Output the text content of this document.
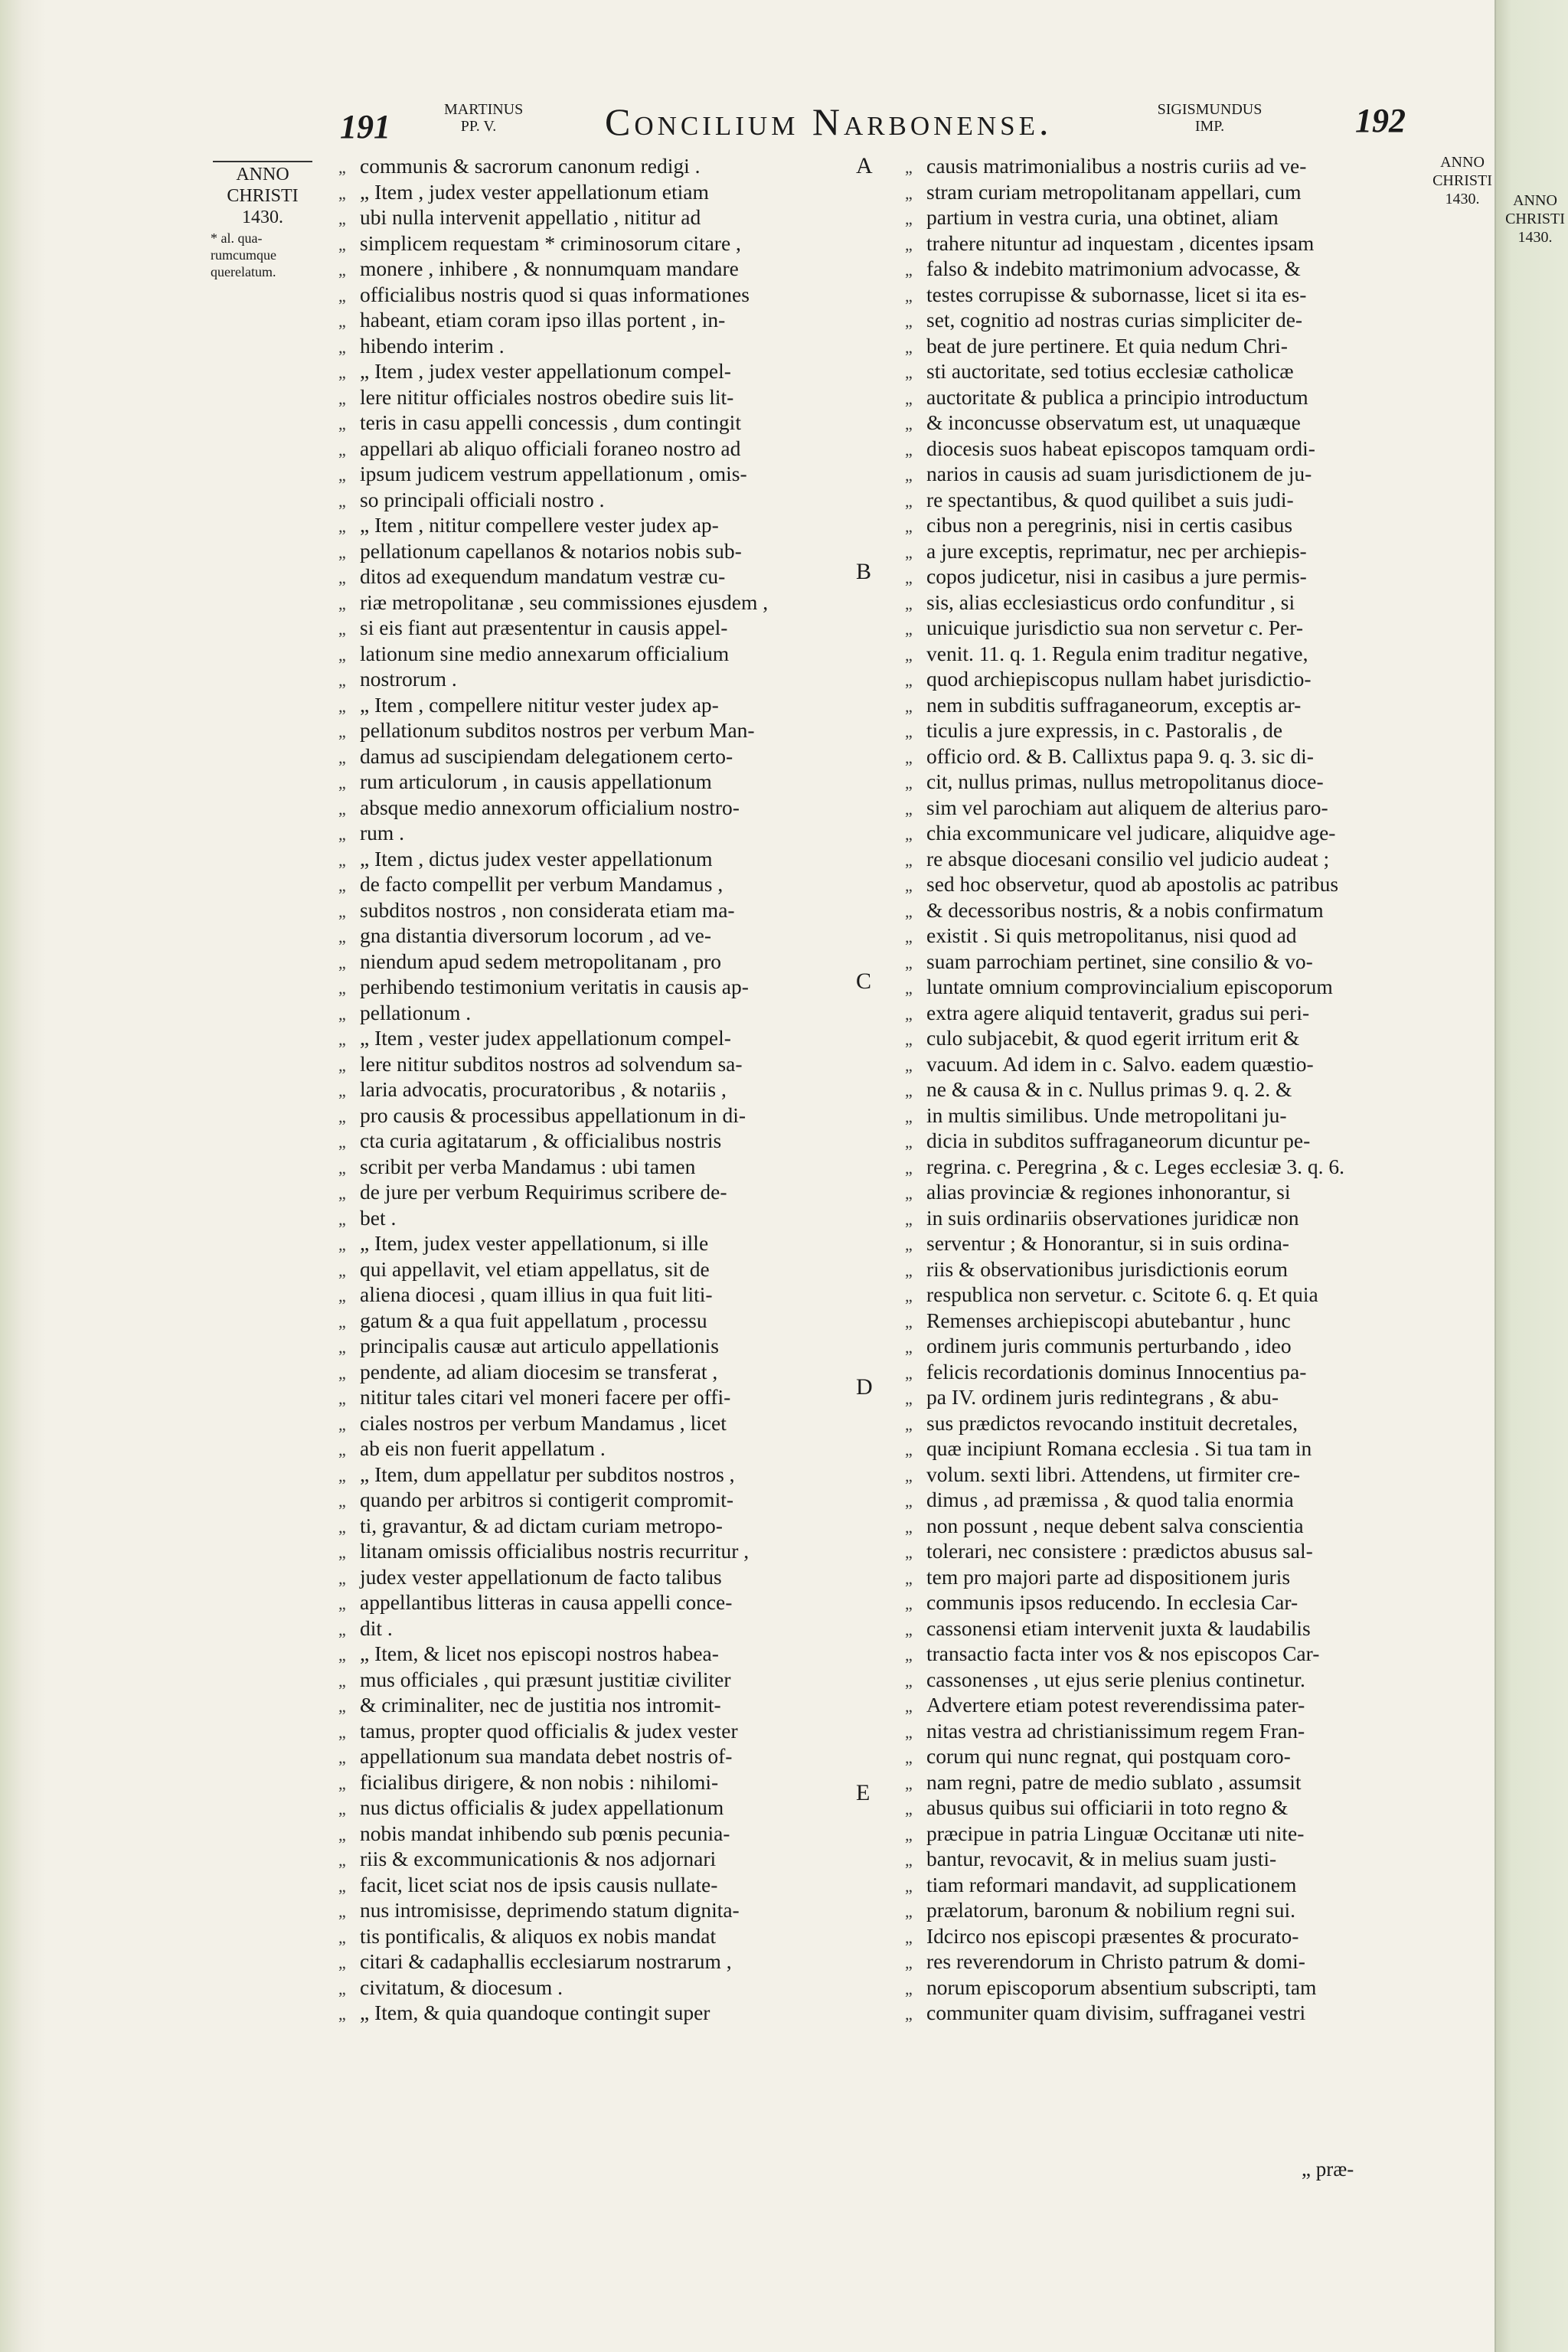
191	MARTINUS
PP. V.	Concilium Narbonense.	SIGISMUNDUS
IMP.	192
ANNO
CHRISTI
1430.
* al. qua-
rumcumque
querelatum.
ANNO
CHRISTI
1430.	ANNO
CHRISTI
1430.
A
B
C
D
E
„ communis & sacrorum canonum redigi .
„ „ Item , judex vester appellationum etiam
„ ubi nulla intervenit appellatio , nititur ad
„ simplicem requestam * criminosorum citare ,
„ monere , inhibere , & nonnumquam mandare
„ officialibus nostris quod si quas informationes
„ habeant, etiam coram ipso illas portent , in-
„ hibendo interim .
„ „ Item , judex vester appellationum compel-
„ lere nititur officiales nostros obedire suis lit-
„ teris in casu appelli concessis , dum contingit
„ appellari ab aliquo officiali foraneo nostro ad
„ ipsum judicem vestrum appellationum , omis-
„ so principali officiali nostro .
„ „ Item , nititur compellere vester judex ap-
„ pellationum capellanos & notarios nobis sub-
„ ditos ad exequendum mandatum vestræ cu-
„ riæ metropolitanæ , seu commissiones ejusdem ,
„ si eis fiant aut præsententur in causis appel-
„ lationum sine medio annexarum officialium
„ nostrorum .
„ „ Item , compellere nititur vester judex ap-
„ pellationum subditos nostros per verbum Man-
„ damus ad suscipiendam delegationem certo-
„ rum articulorum , in causis appellationum
„ absque medio annexorum officialium nostro-
„ rum .
„ „ Item , dictus judex vester appellationum
„ de facto compellit per verbum Mandamus ,
„ subditos nostros , non considerata etiam ma-
„ gna distantia diversorum locorum , ad ve-
„ niendum apud sedem metropolitanam , pro
„ perhibendo testimonium veritatis in causis ap-
„ pellationum .
„ „ Item , vester judex appellationum compel-
„ lere nititur subditos nostros ad solvendum sa-
„ laria advocatis, procuratoribus , & notariis ,
„ pro causis & processibus appellationum in di-
„ cta curia agitatarum , & officialibus nostris
„ scribit per verba Mandamus : ubi tamen
„ de jure per verbum Requirimus scribere de-
„ bet .
„ „ Item, judex vester appellationum, si ille
„ qui appellavit, vel etiam appellatus, sit de
„ aliena diocesi , quam illius in qua fuit liti-
„ gatum & a qua fuit appellatum , processu
„ principalis causæ aut articulo appellationis
„ pendente, ad aliam diocesim se transferat ,
„ nititur tales citari vel moneri facere per offi-
„ ciales nostros per verbum Mandamus , licet
„ ab eis non fuerit appellatum .
„ „ Item, dum appellatur per subditos nostros ,
„ quando per arbitros si contigerit compromit-
„ ti, gravantur, & ad dictam curiam metropo-
„ litanam omissis officialibus nostris recurritur ,
„ judex vester appellationum de facto talibus
„ appellantibus litteras in causa appelli conce-
„ dit .
„ „ Item, & licet nos episcopi nostros habea-
„ mus officiales , qui præsunt justitiæ civiliter
„ & criminaliter, nec de justitia nos intromit-
„ tamus, propter quod officialis & judex vester
„ appellationum sua mandata debet nostris of-
„ ficialibus dirigere, & non nobis : nihilomi-
„ nus dictus officialis & judex appellationum
„ nobis mandat inhibendo sub pœnis pecunia-
„ riis & excommunicationis & nos adjornari
„ facit, licet sciat nos de ipsis causis nullate-
„ nus intromisisse, deprimendo statum dignita-
„ tis pontificalis, & aliquos ex nobis mandat
„ citari & cadaphallis ecclesiarum nostrarum ,
„ civitatum, & diocesum .
„ „ Item, & quia quandoque contingit super
„ causis matrimonialibus a nostris curiis ad ve-
„ stram curiam metropolitanam appellari, cum
„ partium in vestra curia, una obtinet, aliam
„ trahere nituntur ad inquestam , dicentes ipsam
„ falso & indebito matrimonium advocasse, &
„ testes corrupisse & subornasse, licet si ita es-
„ set, cognitio ad nostras curias simpliciter de-
„ beat de jure pertinere. Et quia nedum Chri-
„ sti auctoritate, sed totius ecclesiæ catholicæ
„ auctoritate & publica a principio introductum
„ & inconcusse observatum est, ut unaquæque
„ diocesis suos habeat episcopos tamquam ordi-
„ narios in causis ad suam jurisdictionem de ju-
„ re spectantibus, & quod quilibet a suis judi-
„ cibus non a peregrinis, nisi in certis casibus
„ a jure exceptis, reprimatur, nec per archiepis-
„ copos judicetur, nisi in casibus a jure permis-
„ sis, alias ecclesiasticus ordo confunditur , si
„ unicuique jurisdictio sua non servetur c. Per-
„ venit. 11. q. 1. Regula enim traditur negative,
„ quod archiepiscopus nullam habet jurisdictio-
„ nem in subditis suffraganeorum, exceptis ar-
„ ticulis a jure expressis, in c. Pastoralis , de
„ officio ord. & B. Callixtus papa 9. q. 3. sic di-
„ cit, nullus primas, nullus metropolitanus dioce-
„ sim vel parochiam aut aliquem de alterius paro-
„ chia excommunicare vel judicare, aliquidve age-
„ re absque diocesani consilio vel judicio audeat ;
„ sed hoc observetur, quod ab apostolis ac patribus
„ & decessoribus nostris, & a nobis confirmatum
„ existit . Si quis metropolitanus, nisi quod ad
„ suam parrochiam pertinet, sine consilio & vo-
„ luntate omnium comprovincialium episcoporum
„ extra agere aliquid tentaverit, gradus sui peri-
„ culo subjacebit, & quod egerit irritum erit &
„ vacuum. Ad idem in c. Salvo. eadem quæstio-
„ ne & causa & in c. Nullus primas 9. q. 2. &
„ in multis similibus. Unde metropolitani ju-
„ dicia in subditos suffraganeorum dicuntur pe-
„ regrina. c. Peregrina , & c. Leges ecclesiæ 3. q. 6.
„ alias provinciæ & regiones inhonorantur, si
„ in suis ordinariis observationes juridicæ non
„ serventur ; & Honorantur, si in suis ordina-
„ riis & observationibus jurisdictionis eorum
„ respublica non servetur. c. Scitote 6. q. Et quia
„ Remenses archiepiscopi abutebantur , hunc
„ ordinem juris communis perturbando , ideo
„ felicis recordationis dominus Innocentius pa-
„ pa IV. ordinem juris redintegrans , & abu-
„ sus prædictos revocando instituit decretales,
„ quæ incipiunt Romana ecclesia . Si tua tam in
„ volum. sexti libri. Attendens, ut firmiter cre-
„ dimus , ad præmissa , & quod talia enormia
„ non possunt , neque debent salva conscientia
„ tolerari, nec consistere : prædictos abusus sal-
„ tem pro majori parte ad dispositionem juris
„ communis ipsos reducendo. In ecclesia Car-
„ cassonensi etiam intervenit juxta & laudabilis
„ transactio facta inter vos & nos episcopos Car-
„ cassonenses , ut ejus serie plenius continetur.
„ Advertere etiam potest reverendissima pater-
„ nitas vestra ad christianissimum regem Fran-
„ corum qui nunc regnat, qui postquam coro-
„ nam regni, patre de medio sublato , assumsit
„ abusus quibus sui officiarii in toto regno &
„ præcipue in patria Linguæ Occitanæ uti nite-
„ bantur, revocavit, & in melius suam justi-
„ tiam reformari mandavit, ad supplicationem
„ prælatorum, baronum & nobilium regni sui.
„ Idcirco nos episcopi præsentes & procurato-
„ res reverendorum in Christo patrum & domi-
„ norum episcoporum absentium subscripti, tam
„ communiter quam divisim, suffraganei vestri
„ præ-
